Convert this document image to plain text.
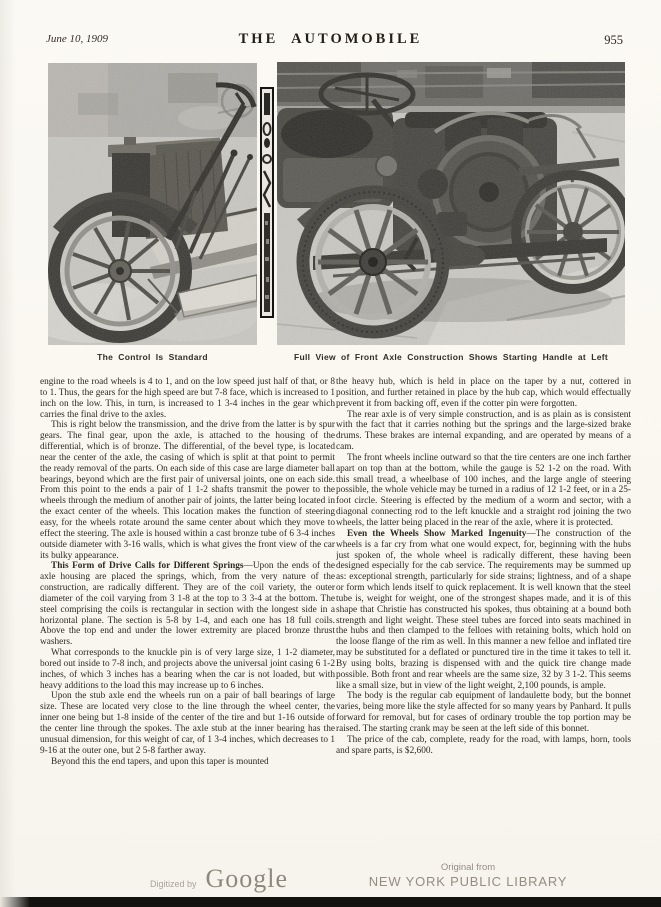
June 10, 1909	THE AUTOMOBILE	955
The Control Is Standard	Full View of Front Axle Construction Shows Starting Handle at Left

engine to the road wheels is 4 to 1, and on the low speed just half of that, or 8 to 1. Thus, the gears for the high speed are but 7-8 face, which is increased to 1 inch on the low. This, in turn, is increased to 1 3-4 inches in the gear which carries the final drive to the axles.

This is right below the transmission, and the drive from the latter is by spur gears. The final gear, upon the axle, is attached to the housing of the differential, which is of bronze. The differential, of the bevel type, is located near the center of the axle, the casing of which is split at that point to permit the ready removal of the parts. On each side of this case are large diameter ball bearings, beyond which are the first pair of universal joints, one on each side. From this point to the ends a pair of 1 1-2 shafts transmit the power to the wheels through the medium of another pair of joints, the latter being located in the exact center of the wheels. This location makes the function of steering easy, for the wheels rotate around the same center about which they move to effect the steering. The axle is housed within a cast bronze tube of 6 3-4 inches outside diameter with 3-16 walls, which is what gives the front view of the car its bulky appearance.

This Form of Drive Calls for Different Springs—Upon the ends of the axle housing are placed the springs, which, from the very nature of the construction, are radically different. They are of the coil variety, the outer diameter of the coil varying from 3 1-8 at the top to 3 3-4 at the bottom. The steel comprising the coils is rectangular in section with the longest side in a horizontal plane. The section is 5-8 by 1-4, and each one has 18 full coils. Above the top end and under the lower extremity are placed bronze thrust washers.

What corresponds to the knuckle pin is of very large size, 1 1-2 diameter, bored out inside to 7-8 inch, and projects above the universal joint casing 6 1-2 inches, of which 3 inches has a bearing when the car is not loaded, but with heavy additions to the load this may increase up to 6 inches.

Upon the stub axle end the wheels run on a pair of ball bearings of large size. These are located very close to the line through the wheel center, the inner one being but 1-8 inside of the center of the tire and but 1-16 outside of the center line through the spokes. The axle stub at the inner bearing has the unusual dimension, for this weight of car, of 1 3-4 inches, which decreases to 1 9-16 at the outer one, but 2 5-8 farther away.

Beyond this the end tapers, and upon this taper is mounted

the heavy hub, which is held in place on the taper by a nut, cottered in position, and further retained in place by the hub cap, which would effectually prevent it from backing off, even if the cotter pin were forgotten.

The rear axle is of very simple construction, and is as plain as is consistent with the fact that it carries nothing but the springs and the large-sized brake drums. These brakes are internal expanding, and are operated by means of a cam.

The front wheels incline outward so that the tire centers are one inch farther apart on top than at the bottom, while the gauge is 52 1-2 on the road. With this small tread, a wheelbase of 100 inches, and the large angle of steering possible, the whole vehicle may be turned in a radius of 12 1-2 feet, or in a 25-foot circle. Steering is effected by the medium of a worm and sector, with a diagonal connecting rod to the left knuckle and a straight rod joining the two wheels, the latter being placed in the rear of the axle, where it is protected.

Even the Wheels Show Marked Ingenuity—The construction of the wheels is a far cry from what one would expect, for, beginning with the hubs just spoken of, the whole wheel is radically different, these having been designed especially for the cab service. The requirements may be summed up as: exceptional strength, particularly for side strains; lightness, and of a shape or form which lends itself to quick replacement. It is well known that the steel tube is, weight for weight, one of the strongest shapes made, and it is of this shape that Christie has constructed his spokes, thus obtaining at a bound both strength and light weight. These steel tubes are forced into seats machined in the hubs and then clamped to the felloes with retaining bolts, which hold on the loose flange of the rim as well. In this manner a new felloe and inflated tire may be substituted for a deflated or punctured tire in the time it takes to tell it. By using bolts, brazing is dispensed with and the quick tire change made possible. Both front and rear wheels are the same size, 32 by 3 1-2. This seems like a small size, but in view of the light weight, 2,100 pounds, is ample.

The body is the regular cab equipment of landaulette body, but the bonnet varies, being more like the style affected for so many years by Panhard. It pulls forward for removal, but for cases of ordinary trouble the top portion may be raised. The starting crank may be seen at the left side of this bonnet.

The price of the cab, complete, ready for the road, with lamps, horn, tools and spare parts, is $2,600.

Digitized by Google	Original from
NEW YORK PUBLIC LIBRARY
